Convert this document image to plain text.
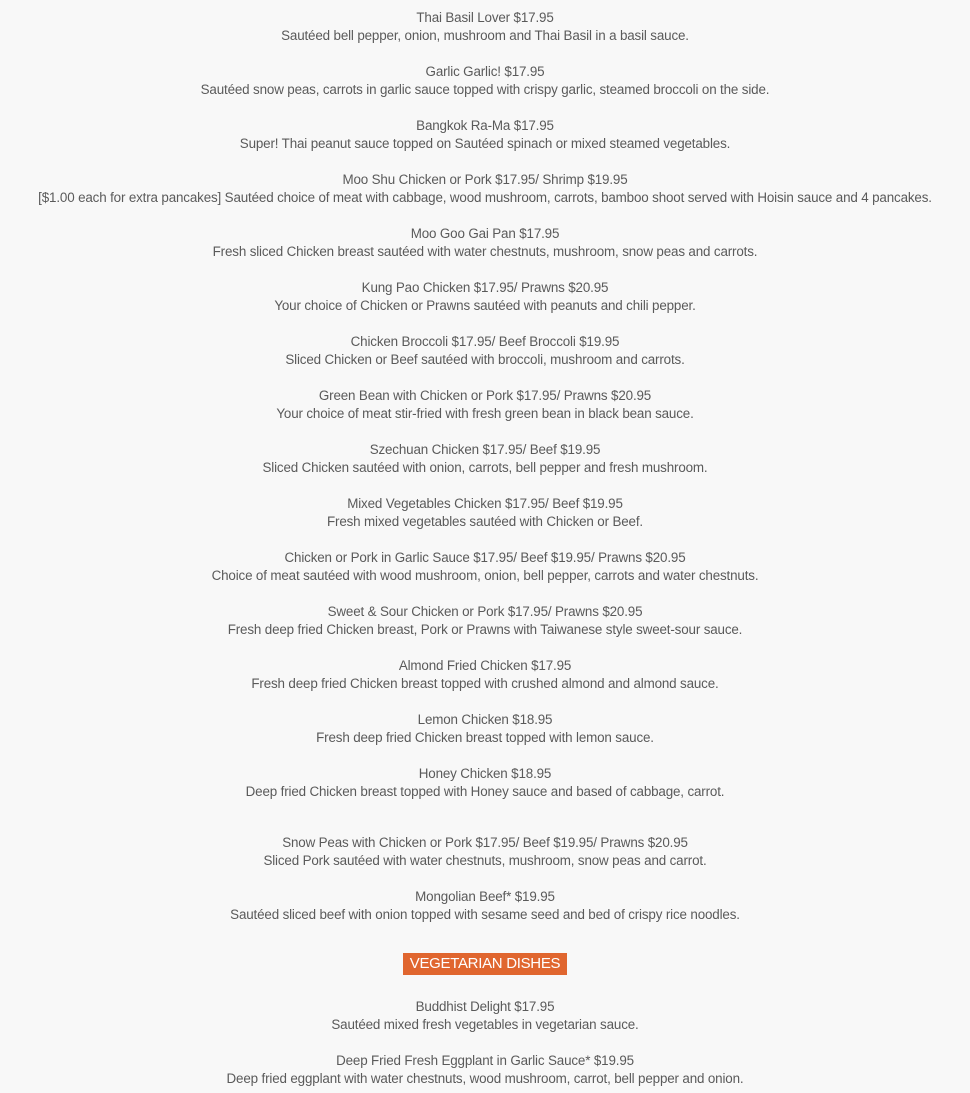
Thai Basil Lover $17.95
Sautéed bell pepper, onion, mushroom and Thai Basil in a basil sauce.
Garlic Garlic! $17.95
Sautéed snow peas, carrots in garlic sauce topped with crispy garlic, steamed broccoli on the side.
Bangkok Ra-Ma $17.95
Super! Thai peanut sauce topped on Sautéed spinach or mixed steamed vegetables.
Moo Shu Chicken or Pork $17.95/ Shrimp $19.95
[$1.00 each for extra pancakes] Sautéed choice of meat with cabbage, wood mushroom, carrots, bamboo shoot served with Hoisin sauce and 4 pancakes.
Moo Goo Gai Pan $17.95
Fresh sliced Chicken breast sautéed with water chestnuts, mushroom, snow peas and carrots.
Kung Pao Chicken $17.95/ Prawns $20.95
Your choice of Chicken or Prawns sautéed with peanuts and chili pepper.
Chicken Broccoli $17.95/ Beef Broccoli $19.95
Sliced Chicken or Beef sautéed with broccoli, mushroom and carrots.
Green Bean with Chicken or Pork $17.95/ Prawns $20.95
Your choice of meat stir-fried with fresh green bean in black bean sauce.
Szechuan Chicken $17.95/ Beef $19.95
Sliced Chicken sautéed with onion, carrots, bell pepper and fresh mushroom.
Mixed Vegetables Chicken $17.95/ Beef $19.95
Fresh mixed vegetables sautéed with Chicken or Beef.
Chicken or Pork in Garlic Sauce $17.95/ Beef $19.95/ Prawns $20.95
Choice of meat sautéed with wood mushroom, onion, bell pepper, carrots and water chestnuts.
Sweet & Sour Chicken or Pork $17.95/ Prawns $20.95
Fresh deep fried Chicken breast, Pork or Prawns with Taiwanese style sweet-sour sauce.
Almond Fried Chicken $17.95
Fresh deep fried Chicken breast topped with crushed almond and almond sauce.
Lemon Chicken $18.95
Fresh deep fried Chicken breast topped with lemon sauce.
Honey Chicken $18.95
Deep fried Chicken breast topped with Honey sauce and based of cabbage, carrot.
Snow Peas with Chicken or Pork $17.95/ Beef $19.95/ Prawns $20.95
Sliced Pork sautéed with water chestnuts, mushroom, snow peas and carrot.
Mongolian Beef* $19.95
Sautéed sliced beef with onion topped with sesame seed and bed of crispy rice noodles.
VEGETARIAN DISHES
Buddhist Delight $17.95
Sautéed mixed fresh vegetables in vegetarian sauce.
Deep Fried Fresh Eggplant in Garlic Sauce* $19.95
Deep fried eggplant with water chestnuts, wood mushroom, carrot, bell pepper and onion.
